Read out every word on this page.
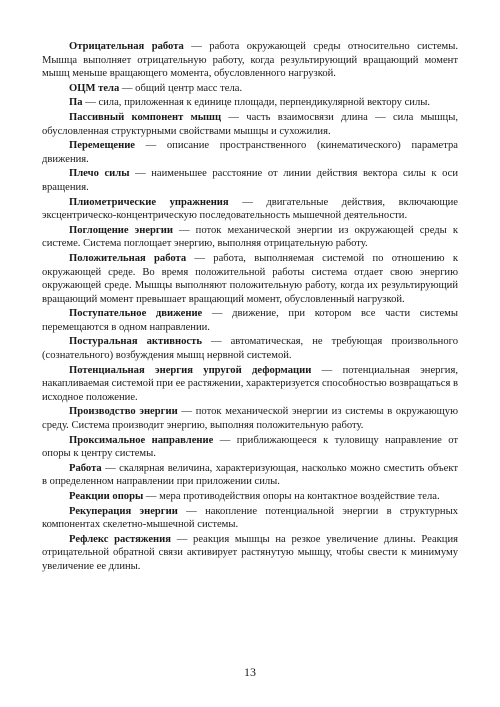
Отрицательная работа — работа окружающей среды относительно системы. Мышца выполняет отрицательную работу, когда результирующий вращающий момент мышц меньше вращающего момента, обусловленного нагрузкой.

ОЦМ тела — общий центр масс тела.

Па — сила, приложенная к единице площади, перпендикулярной вектору силы.

Пассивный компонент мышц — часть взаимосвязи длина — сила мышцы, обусловленная структурными свойствами мышцы и сухожилия.

Перемещение — описание пространственного (кинематического) параметра движения.

Плечо силы — наименьшее расстояние от линии действия вектора силы к оси вращения.

Плиометрические упражнения — двигательные действия, включающие эксцентрическо-концентрическую последовательность мышечной деятельности.

Поглощение энергии — поток механической энергии из окружающей среды к системе. Система поглощает энергию, выполняя отрицательную работу.

Положительная работа — работа, выполняемая системой по отношению к окружающей среде. Во время положительной работы система отдает свою энергию окружающей среде. Мышцы выполняют положительную работу, когда их результирующий вращающий момент превышает вращающий момент, обусловленный нагрузкой.

Поступательное движение — движение, при котором все части системы перемещаются в одном направлении.

Постуральная активность — автоматическая, не требующая произвольного (сознательного) возбуждения мышц нервной системой.

Потенциальная энергия упругой деформации — потенциальная энергия, накапливаемая системой при ее растяжении, характеризуется способностью возвращаться в исходное положение.

Производство энергии — поток механической энергии из системы в окружающую среду. Система производит энергию, выполняя положительную работу.

Проксимальное направление — приближающееся к туловищу направление от опоры к центру системы.

Работа — скалярная величина, характеризующая, насколько можно сместить объект в определенном направлении при приложении силы.

Реакции опоры — мера противодействия опоры на контактное воздействие тела.

Рекуперация энергии — накопление потенциальной энергии в структурных компонентах скелетно-мышечной системы.

Рефлекс растяжения — реакция мышцы на резкое увеличение длины. Реакция отрицательной обратной связи активирует растянутую мышцу, чтобы свести к минимуму увеличение ее длины.

13
